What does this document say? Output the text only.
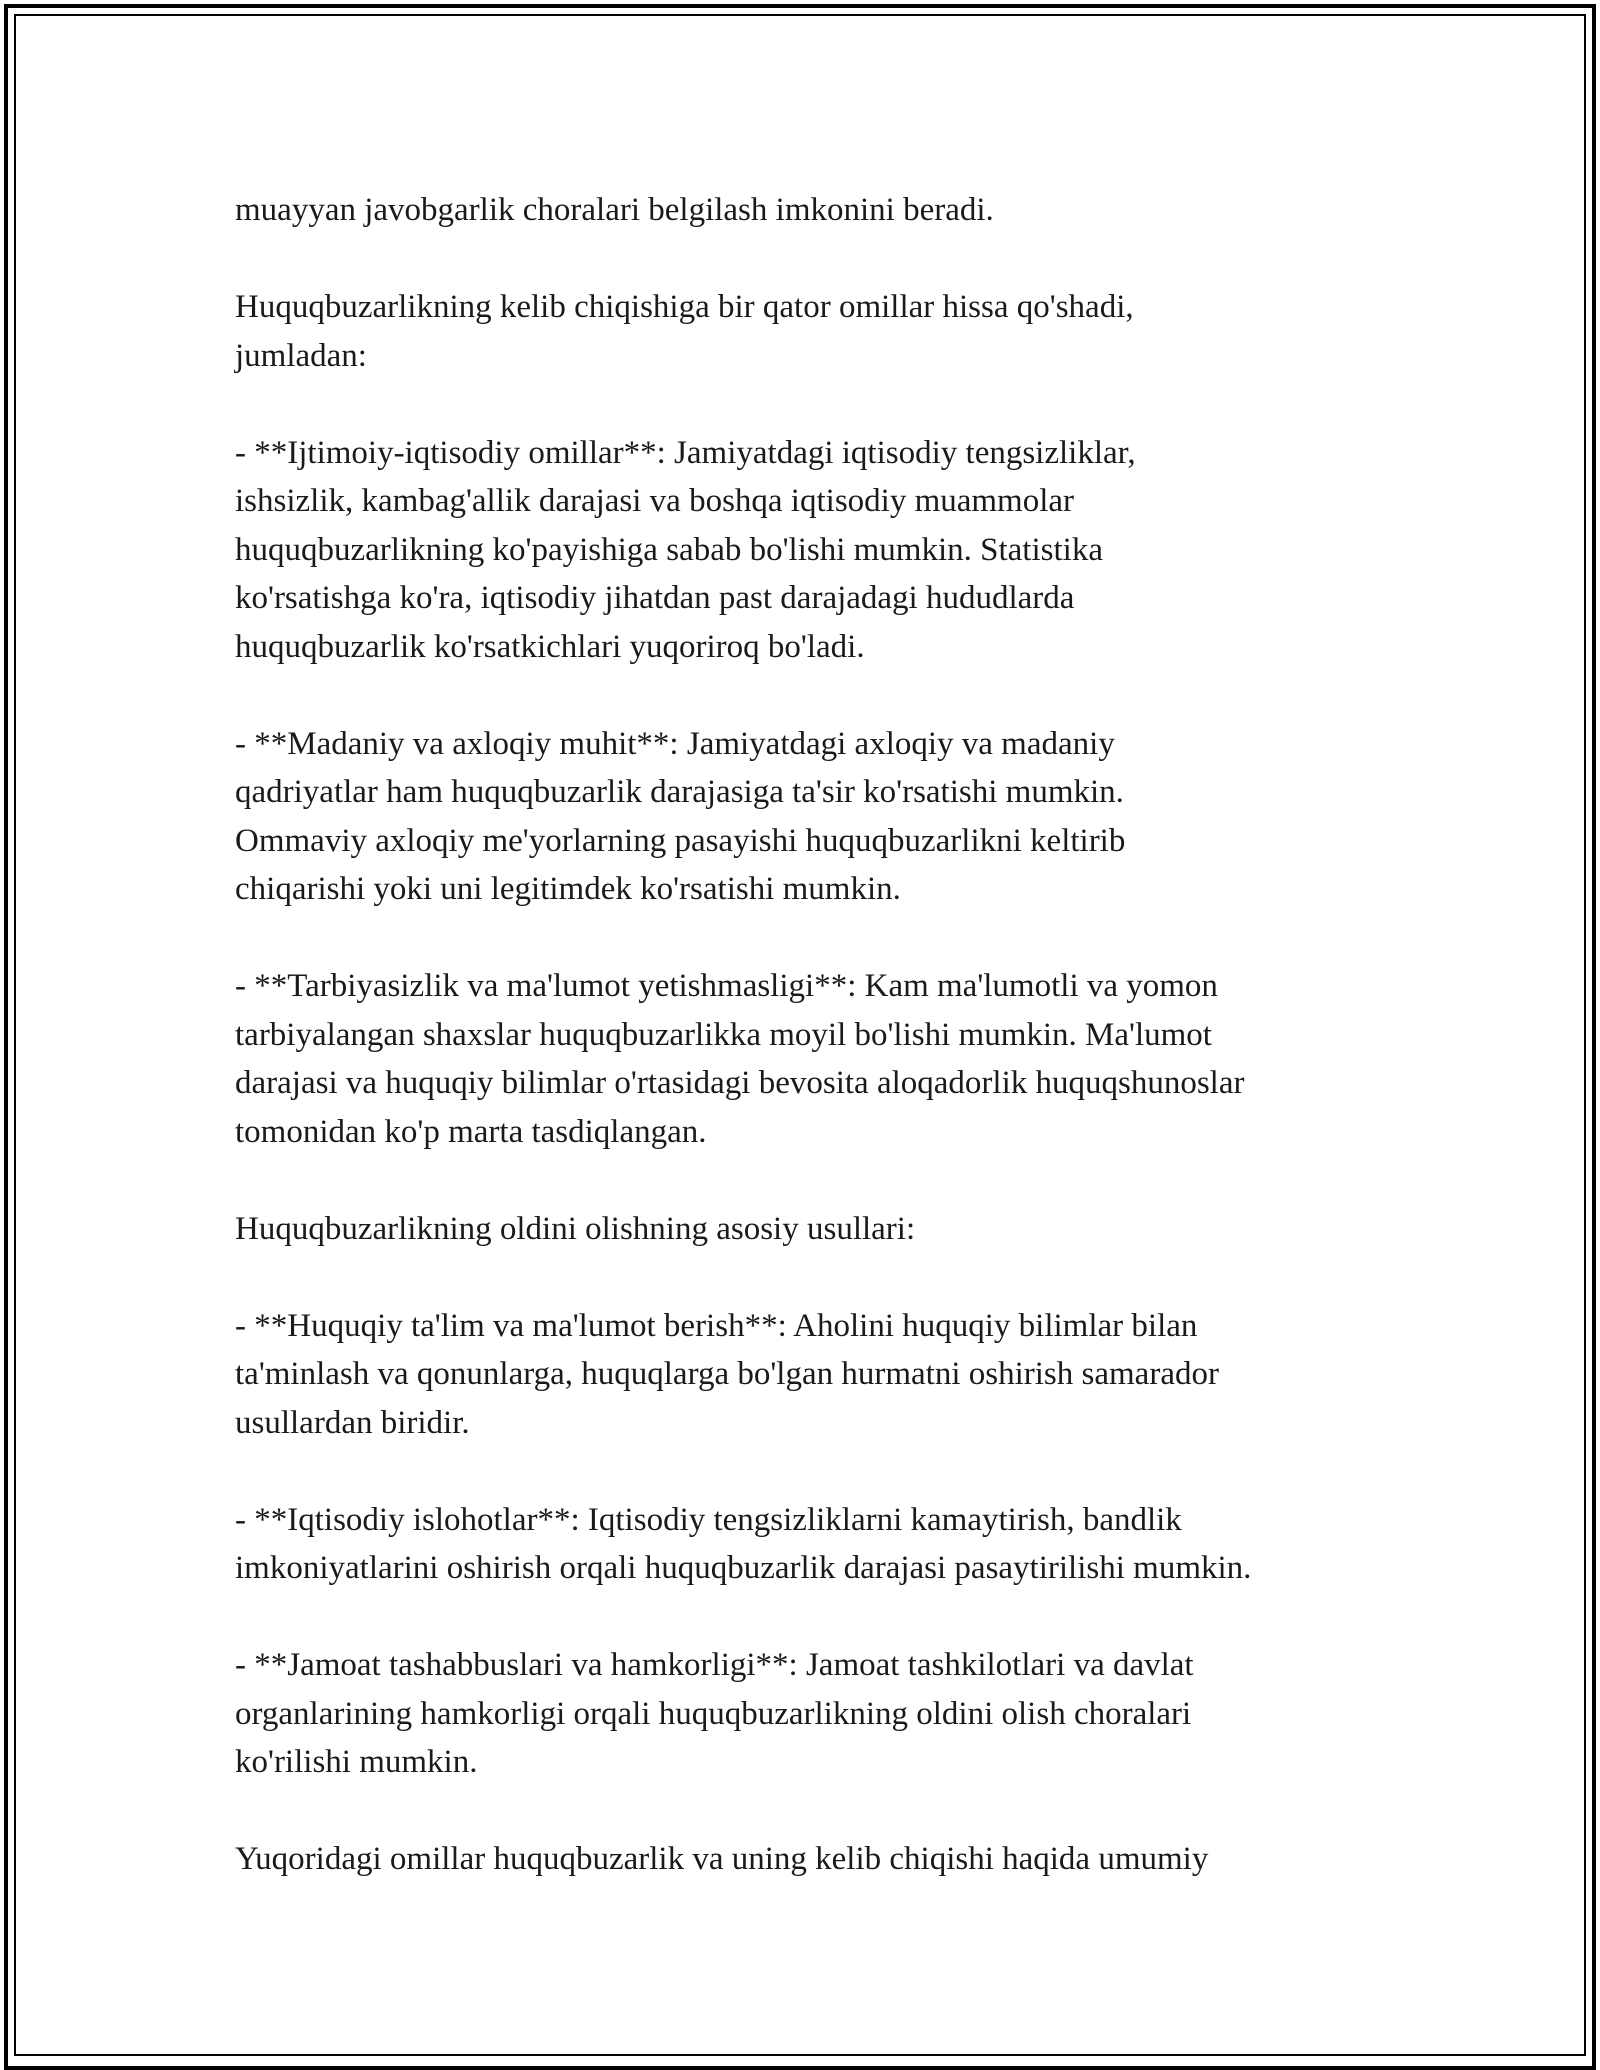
muayyan javobgarlik choralari belgilash imkonini beradi.

Huquqbuzarlikning kelib chiqishiga bir qator omillar hissa qo'shadi,
jumladan:

- **Ijtimoiy-iqtisodiy omillar**: Jamiyatdagi iqtisodiy tengsizliklar,
ishsizlik, kambag'allik darajasi va boshqa iqtisodiy muammolar
huquqbuzarlikning ko'payishiga sabab bo'lishi mumkin. Statistika
ko'rsatishga ko'ra, iqtisodiy jihatdan past darajadagi hududlarda
huquqbuzarlik ko'rsatkichlari yuqoriroq bo'ladi.

- **Madaniy va axloqiy muhit**: Jamiyatdagi axloqiy va madaniy
qadriyatlar ham huquqbuzarlik darajasiga ta'sir ko'rsatishi mumkin.
Ommaviy axloqiy me'yorlarning pasayishi huquqbuzarlikni keltirib
chiqarishi yoki uni legitimdek ko'rsatishi mumkin.

- **Tarbiyasizlik va ma'lumot yetishmasligi**: Kam ma'lumotli va yomon
tarbiyalangan shaxslar huquqbuzarlikka moyil bo'lishi mumkin. Ma'lumot
darajasi va huquqiy bilimlar o'rtasidagi bevosita aloqadorlik huquqshunoslar
tomonidan ko'p marta tasdiqlangan.

Huquqbuzarlikning oldini olishning asosiy usullari:

- **Huquqiy ta'lim va ma'lumot berish**: Aholini huquqiy bilimlar bilan
ta'minlash va qonunlarga, huquqlarga bo'lgan hurmatni oshirish samarador
usullardan biridir.

- **Iqtisodiy islohotlar**: Iqtisodiy tengsizliklarni kamaytirish, bandlik
imkoniyatlarini oshirish orqali huquqbuzarlik darajasi pasaytirilishi mumkin.

- **Jamoat tashabbuslari va hamkorligi**: Jamoat tashkilotlari va davlat
organlarining hamkorligi orqali huquqbuzarlikning oldini olish choralari
ko'rilishi mumkin.

Yuqoridagi omillar huquqbuzarlik va uning kelib chiqishi haqida umumiy
